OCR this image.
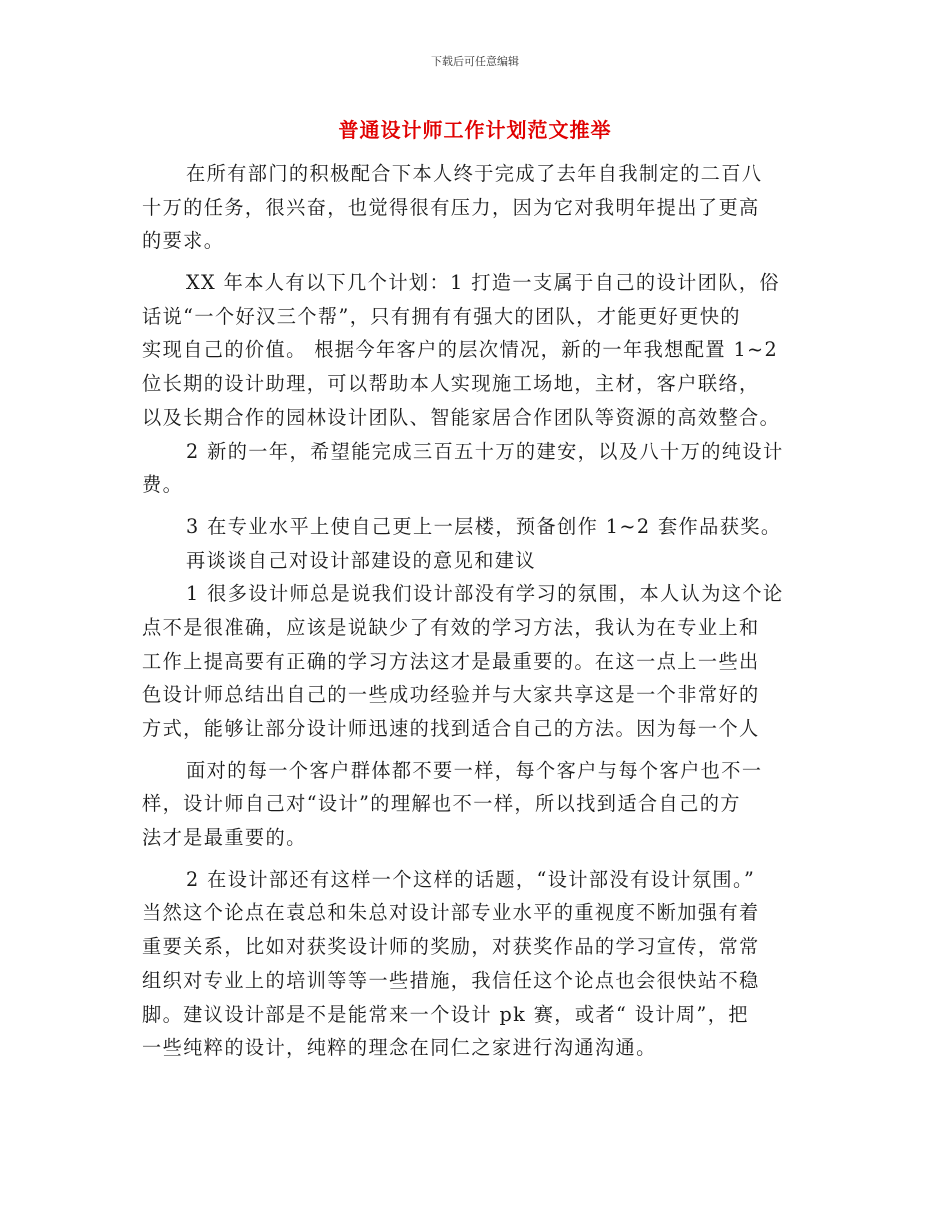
下载后可任意编辑
普通设计师工作计划范文推举
在所有部门的积极配合下本人终于完成了去年自我制定的二百八
十万的任务，很兴奋，也觉得很有压力，因为它对我明年提出了更高
的要求。
XX 年本人有以下几个计划：1 打造一支属于自己的设计团队，俗
话说“一个好汉三个帮”，只有拥有有强大的团队，才能更好更快的
实现自己的价值。 根据今年客户的层次情况，新的一年我想配置 1~2
位长期的设计助理，可以帮助本人实现施工场地，主材，客户联络，
以及长期合作的园林设计团队、智能家居合作团队等资源的高效整合。
2 新的一年，希望能完成三百五十万的建安，以及八十万的纯设计
费。
3 在专业水平上使自己更上一层楼，预备创作 1~2 套作品获奖。
再谈谈自己对设计部建设的意见和建议
1 很多设计师总是说我们设计部没有学习的氛围，本人认为这个论
点不是很准确，应该是说缺少了有效的学习方法，我认为在专业上和
工作上提高要有正确的学习方法这才是最重要的。在这一点上一些出
色设计师总结出自己的一些成功经验并与大家共享这是一个非常好的
方式，能够让部分设计师迅速的找到适合自己的方法。因为每一个人
面对的每一个客户群体都不要一样，每个客户与每个客户也不一
样，设计师自己对“设计”的理解也不一样，所以找到适合自己的方
法才是最重要的。
2 在设计部还有这样一个这样的话题，“设计部没有设计氛围。”
当然这个论点在袁总和朱总对设计部专业水平的重视度不断加强有着
重要关系，比如对获奖设计师的奖励，对获奖作品的学习宣传，常常
组织对专业上的培训等等一些措施，我信任这个论点也会很快站不稳
脚。建议设计部是不是能常来一个设计 pk 赛，或者“ 设计周”，把
一些纯粹的设计，纯粹的理念在同仁之家进行沟通沟通。
